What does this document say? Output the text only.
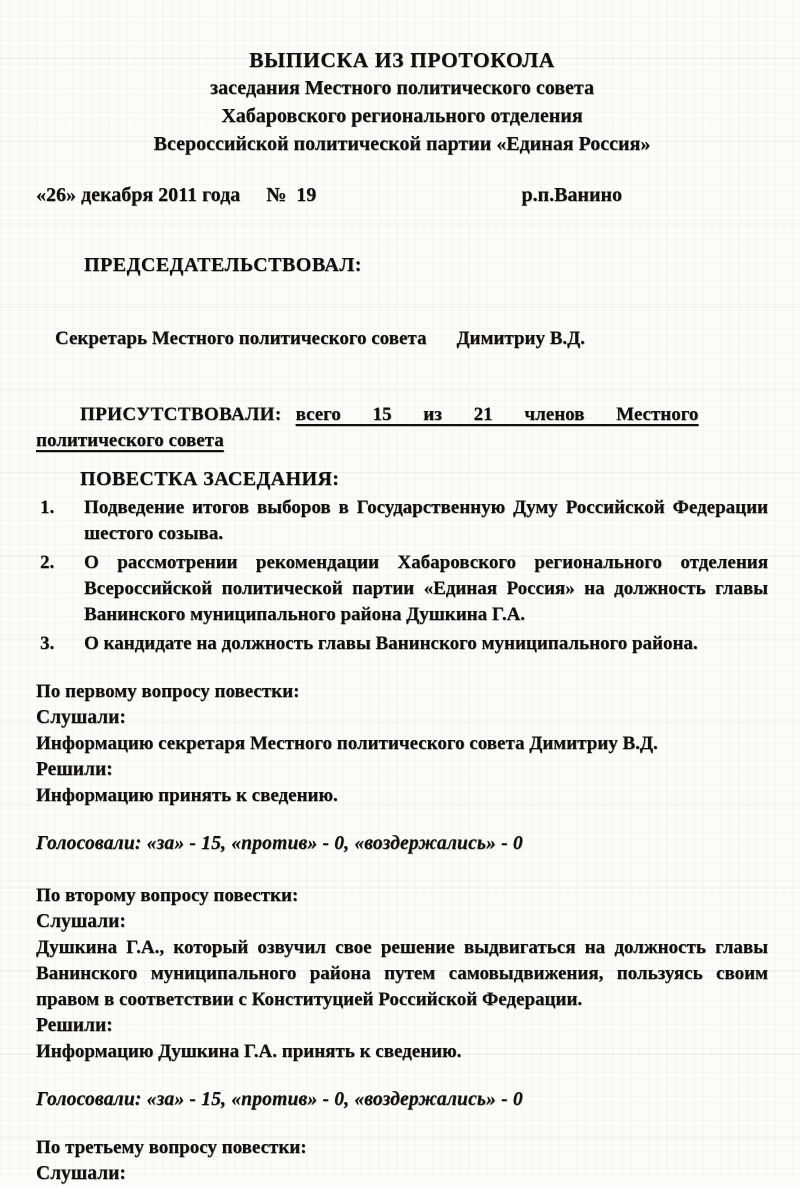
ВЫПИСКА ИЗ ПРОТОКОЛА
заседания Местного политического совета
Хабаровского регионального отделения
Всероссийской политической партии «Единая Россия»
«26» декабря 2011 года №  19	р.п.Ванино
ПРЕДСЕДАТЕЛЬСТВОВАЛ:

Секретарь Местного политического совета Димитриу В.Д.

ПРИСУТСТВОВАЛИ: всего 15 из 21 членов Местного
политического совета
ПОВЕСТКА ЗАСЕДАНИЯ:
1.	Подведение итогов выборов в Государственную Думу Российской Федерации шестого созыва.
2.	О рассмотрении рекомендации Хабаровского регионального отделения Всероссийской политической партии «Единая Россия» на должность главы Ванинского муниципального района Душкина Г.А.
3.	О кандидате на должность главы Ванинского муниципального района.
По первому вопросу повестки:
Слушали:
Информацию секретаря Местного политического совета Димитриу В.Д.
Решили:
Информацию принять к сведению.
Голосовали: «за» - 15, «против» - 0, «воздержались» - 0
По второму вопросу повестки:
Слушали:
Душкина Г.А., который озвучил свое решение выдвигаться на должность главы Ванинского муниципального района путем самовыдвижения, пользуясь своим правом в соответствии с Конституцией Российской Федерации.
Решили:
Информацию Душкина Г.А. принять к сведению.
Голосовали: «за» - 15, «против» - 0, «воздержались» - 0
По третьему вопросу повестки:
Слушали:
